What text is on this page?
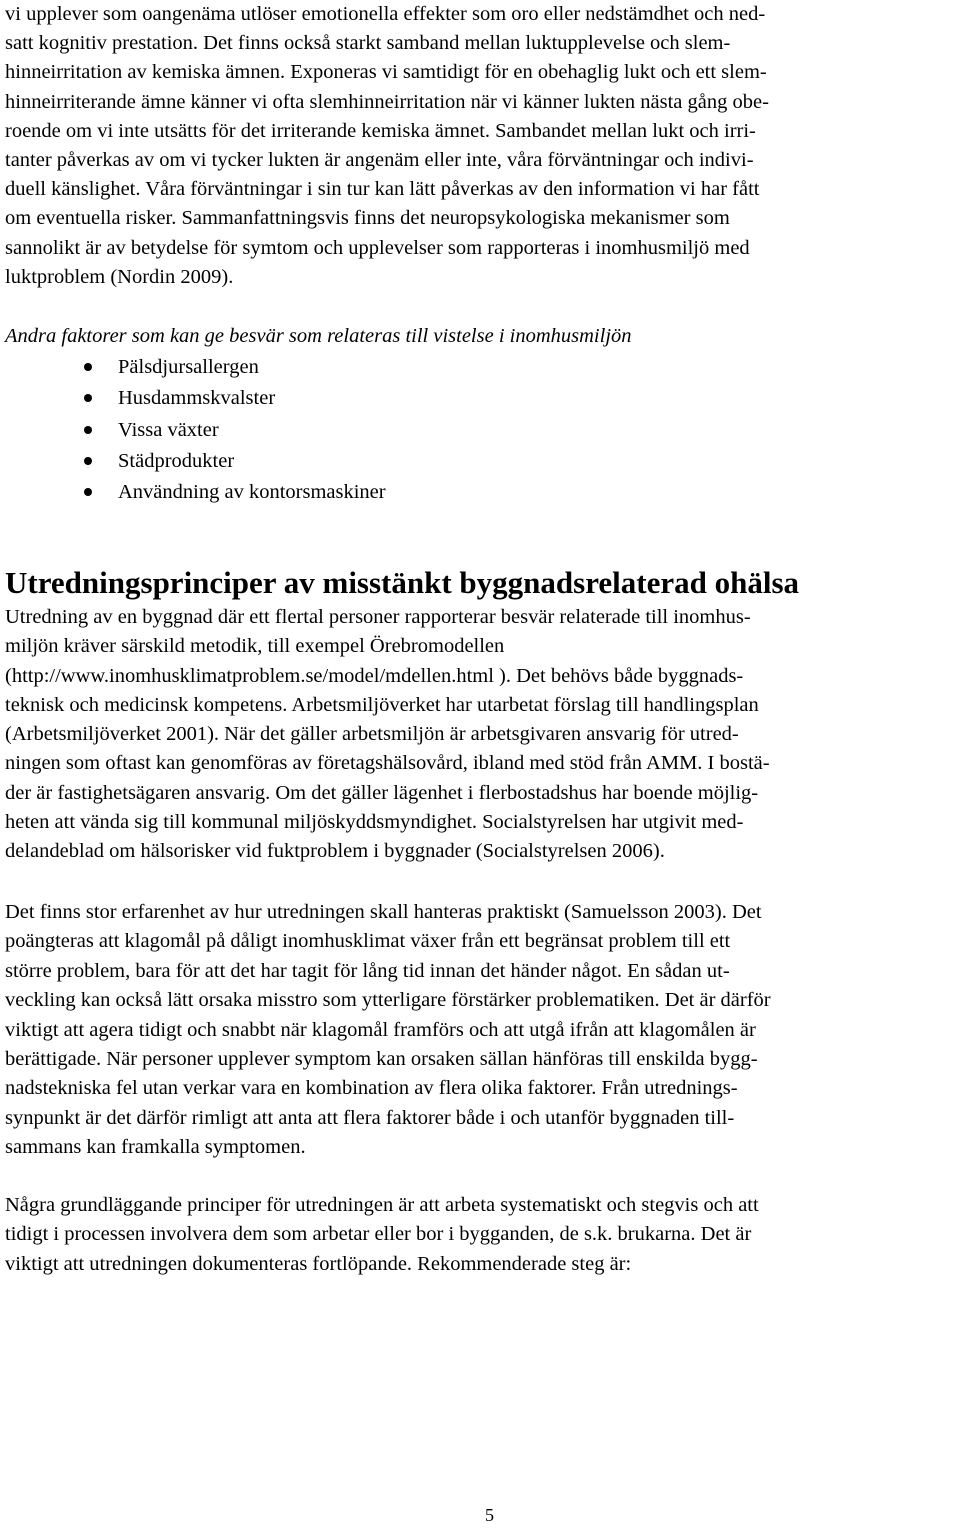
vi upplever som oangenäma utlöser emotionella effekter som oro eller nedstämdhet och ned-
satt kognitiv prestation. Det finns också starkt samband mellan luktupplevelse och slem-
hinneirritation av kemiska ämnen. Exponeras vi samtidigt för en obehaglig lukt och ett slem-
hinneirriterande ämne känner vi ofta slemhinneirritation när vi känner lukten nästa gång obe-
roende om vi inte utsätts för det irriterande kemiska ämnet. Sambandet mellan lukt och irri-
tanter påverkas av om vi tycker lukten är angenäm eller inte, våra förväntningar och indivi-
duell känslighet. Våra förväntningar i sin tur kan lätt påverkas av den information vi har fått
om eventuella risker. Sammanfattningsvis finns det neuropsykologiska mekanismer som
sannolikt är av betydelse för symtom och upplevelser som rapporteras i inomhusmiljö med
luktproblem (Nordin 2009).
Andra faktorer som kan ge besvär som relateras till vistelse i inomhusmiljön
Pälsdjursallergen
Husdammskvalster
Vissa växter
Städprodukter
Användning av kontorsmaskiner
Utredningsprinciper av misstänkt byggnadsrelaterad ohälsa
Utredning av en byggnad där ett flertal personer rapporterar besvär relaterade till inomhus-
miljön kräver särskild metodik, till exempel Örebromodellen
(http://www.inomhusklimatproblem.se/model/mdellen.html ). Det behövs både byggnads-
teknisk och medicinsk kompetens. Arbetsmiljöverket har utarbetat förslag till handlingsplan
(Arbetsmiljöverket 2001). När det gäller arbetsmiljön är arbetsgivaren ansvarig för utred-
ningen som oftast kan genomföras av företagshälsovård, ibland med stöd från AMM. I bostä-
der är fastighetsägaren ansvarig. Om det gäller lägenhet i flerbostadshus har boende möjlig-
heten att vända sig till kommunal miljöskyddsmyndighet. Socialstyrelsen har utgivit med-
delandeblad om hälsorisker vid fuktproblem i byggnader (Socialstyrelsen 2006).
Det finns stor erfarenhet av hur utredningen skall hanteras praktiskt (Samuelsson 2003). Det
poängteras att klagomål på dåligt inomhusklimat växer från ett begränsat problem till ett
större problem, bara för att det har tagit för lång tid innan det händer något. En sådan ut-
veckling kan också lätt orsaka misstro som ytterligare förstärker problematiken. Det är därför
viktigt att agera tidigt och snabbt när klagomål framförs och att utgå ifrån att klagomålen är
berättigade. När personer upplever symptom kan orsaken sällan hänföras till enskilda bygg-
nadstekniska fel utan verkar vara en kombination av flera olika faktorer. Från utrednings-
synpunkt är det därför rimligt att anta att flera faktorer både i och utanför byggnaden till-
sammans kan framkalla symptomen.
Några grundläggande principer för utredningen är att arbeta systematiskt och stegvis och att
tidigt i processen involvera dem som arbetar eller bor i bygganden, de s.k. brukarna. Det är
viktigt att utredningen dokumenteras fortlöpande. Rekommenderade steg är:
5
